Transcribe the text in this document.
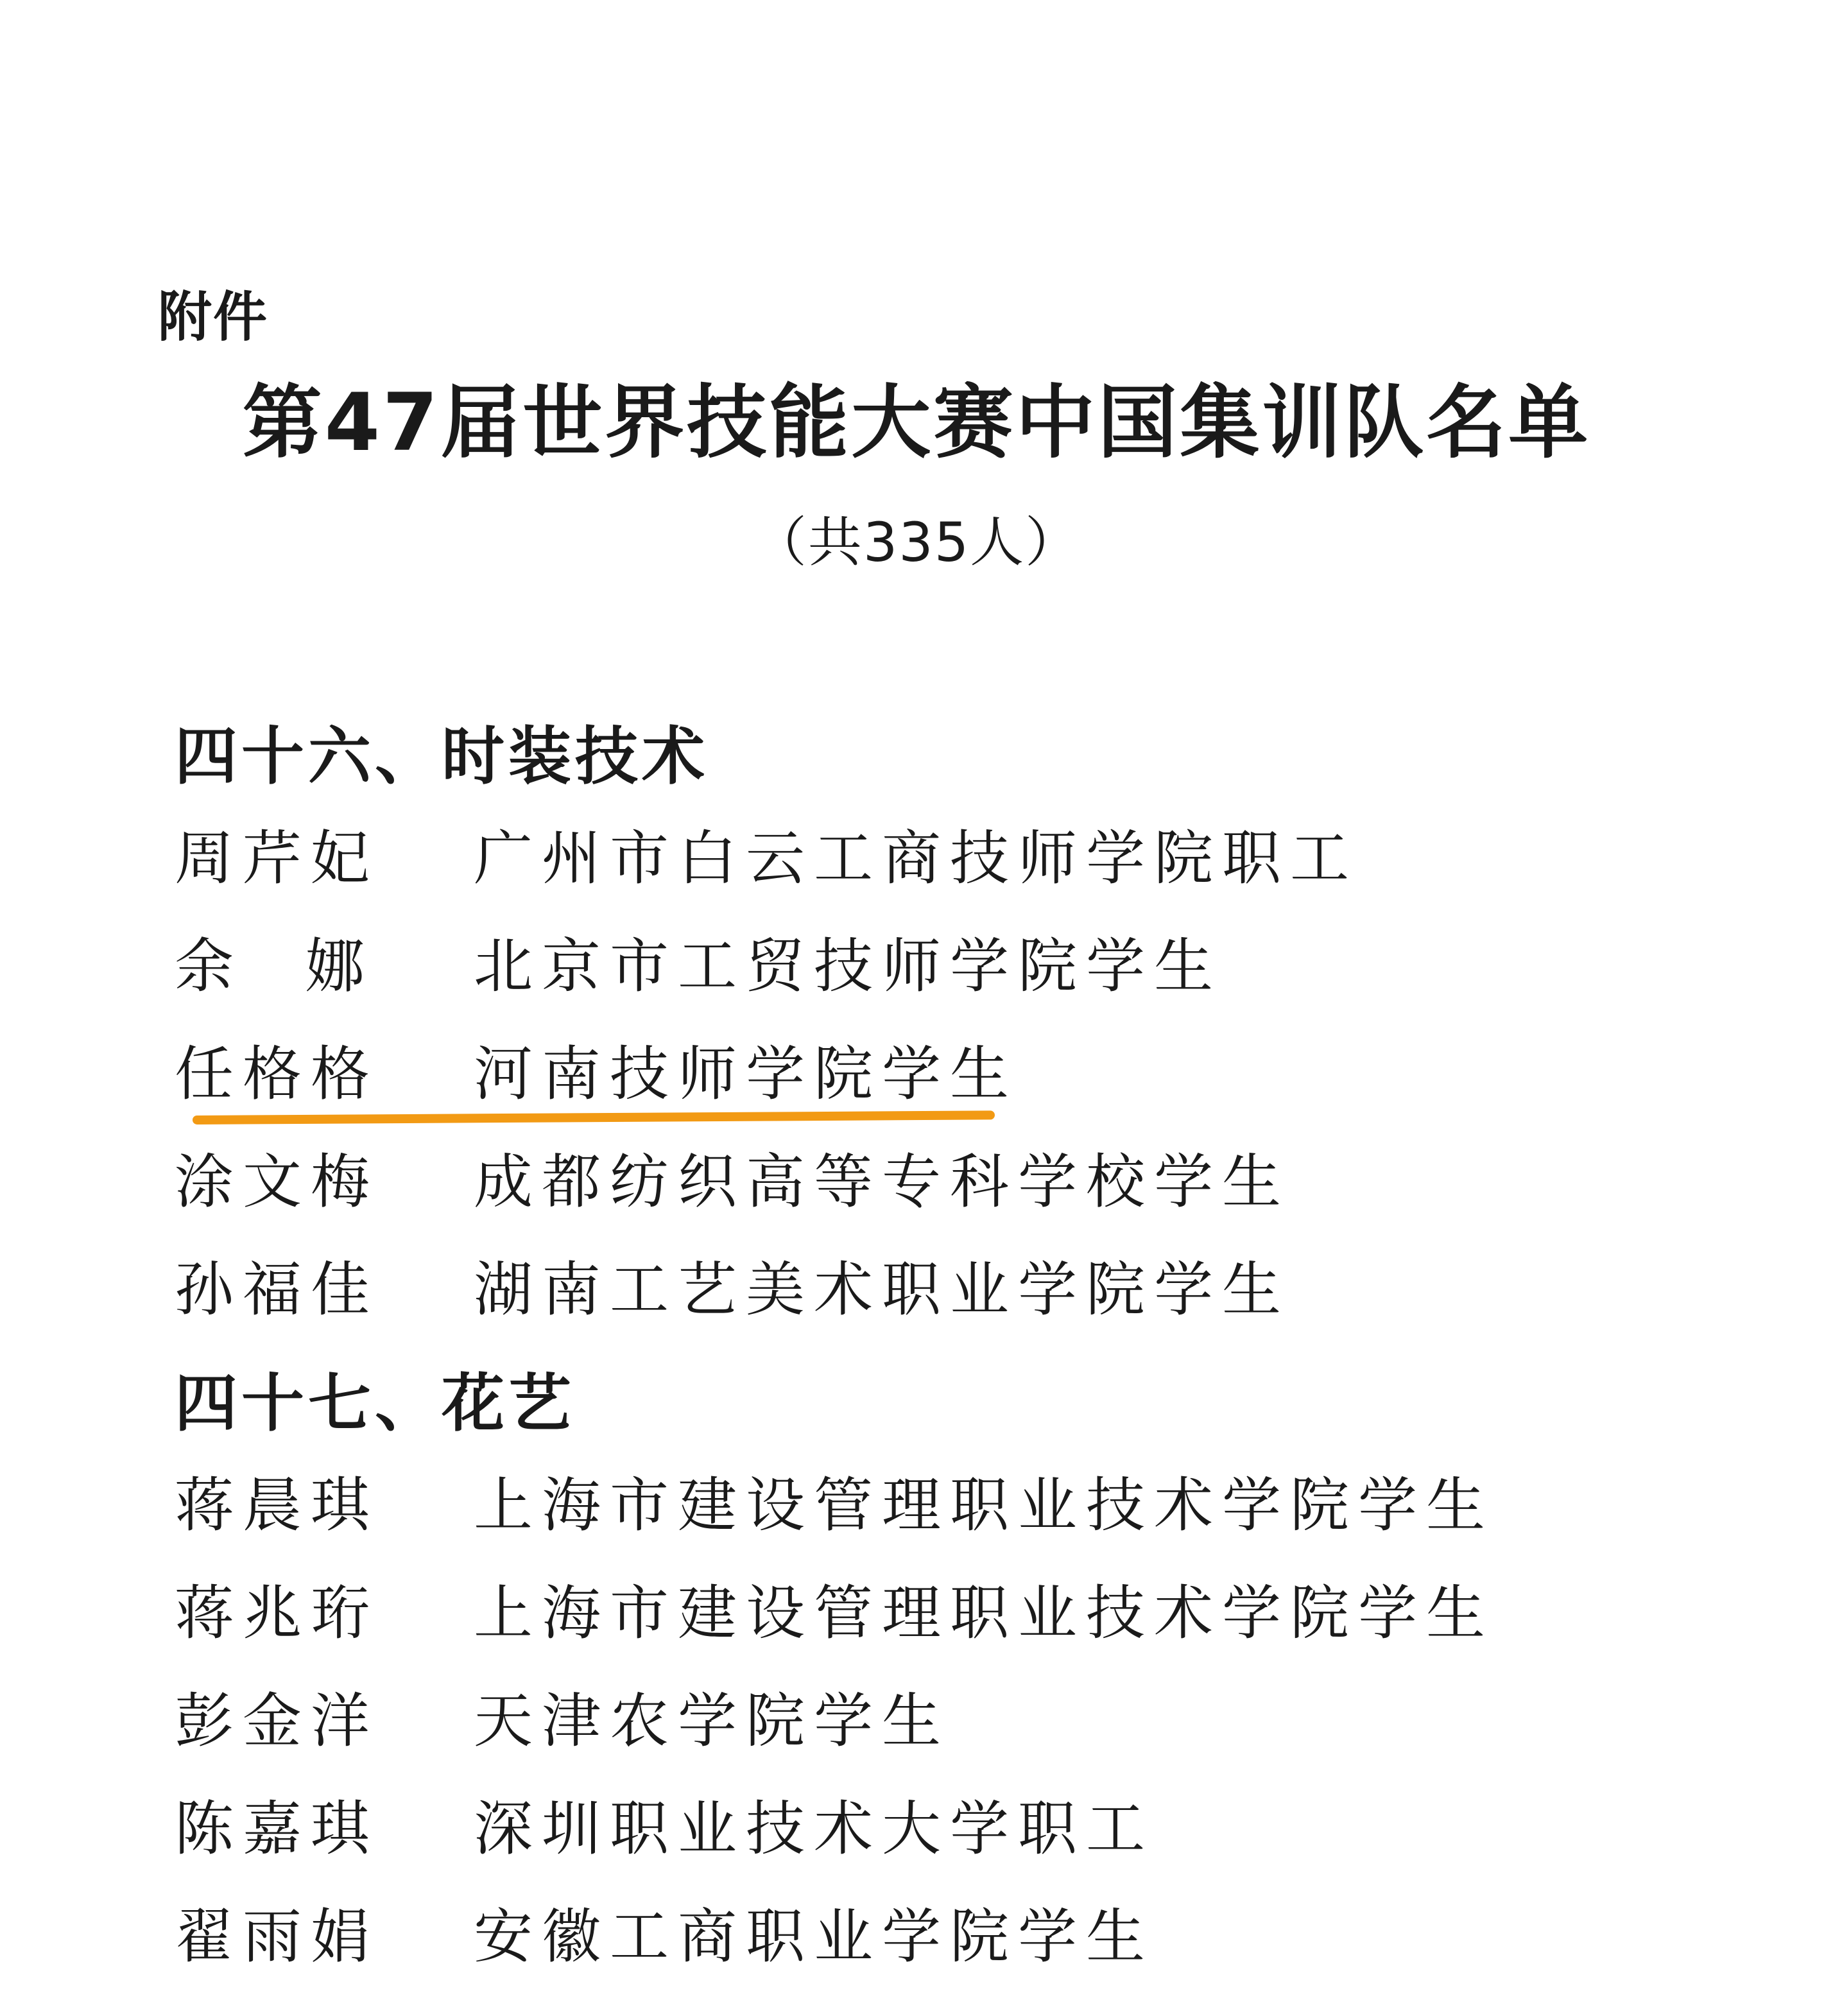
附件
第47届世界技能大赛中国集训队名单
（共335人）
四十六、时装技术
周芹妃 广州市白云工商技师学院职工
余娜 北京市工贸技师学院学生
任格格 河南技师学院学生
涂文梅 成都纺织高等专科学校学生
孙福佳 湖南工艺美术职业学院学生
四十七、花艺
蒋晨琪 上海市建设管理职业技术学院学生
蒋兆珩 上海市建设管理职业技术学院学生
彭金洋 天津农学院学生
陈嘉琪 深圳职业技术大学职工
翟雨娟 安徽工商职业学院学生
